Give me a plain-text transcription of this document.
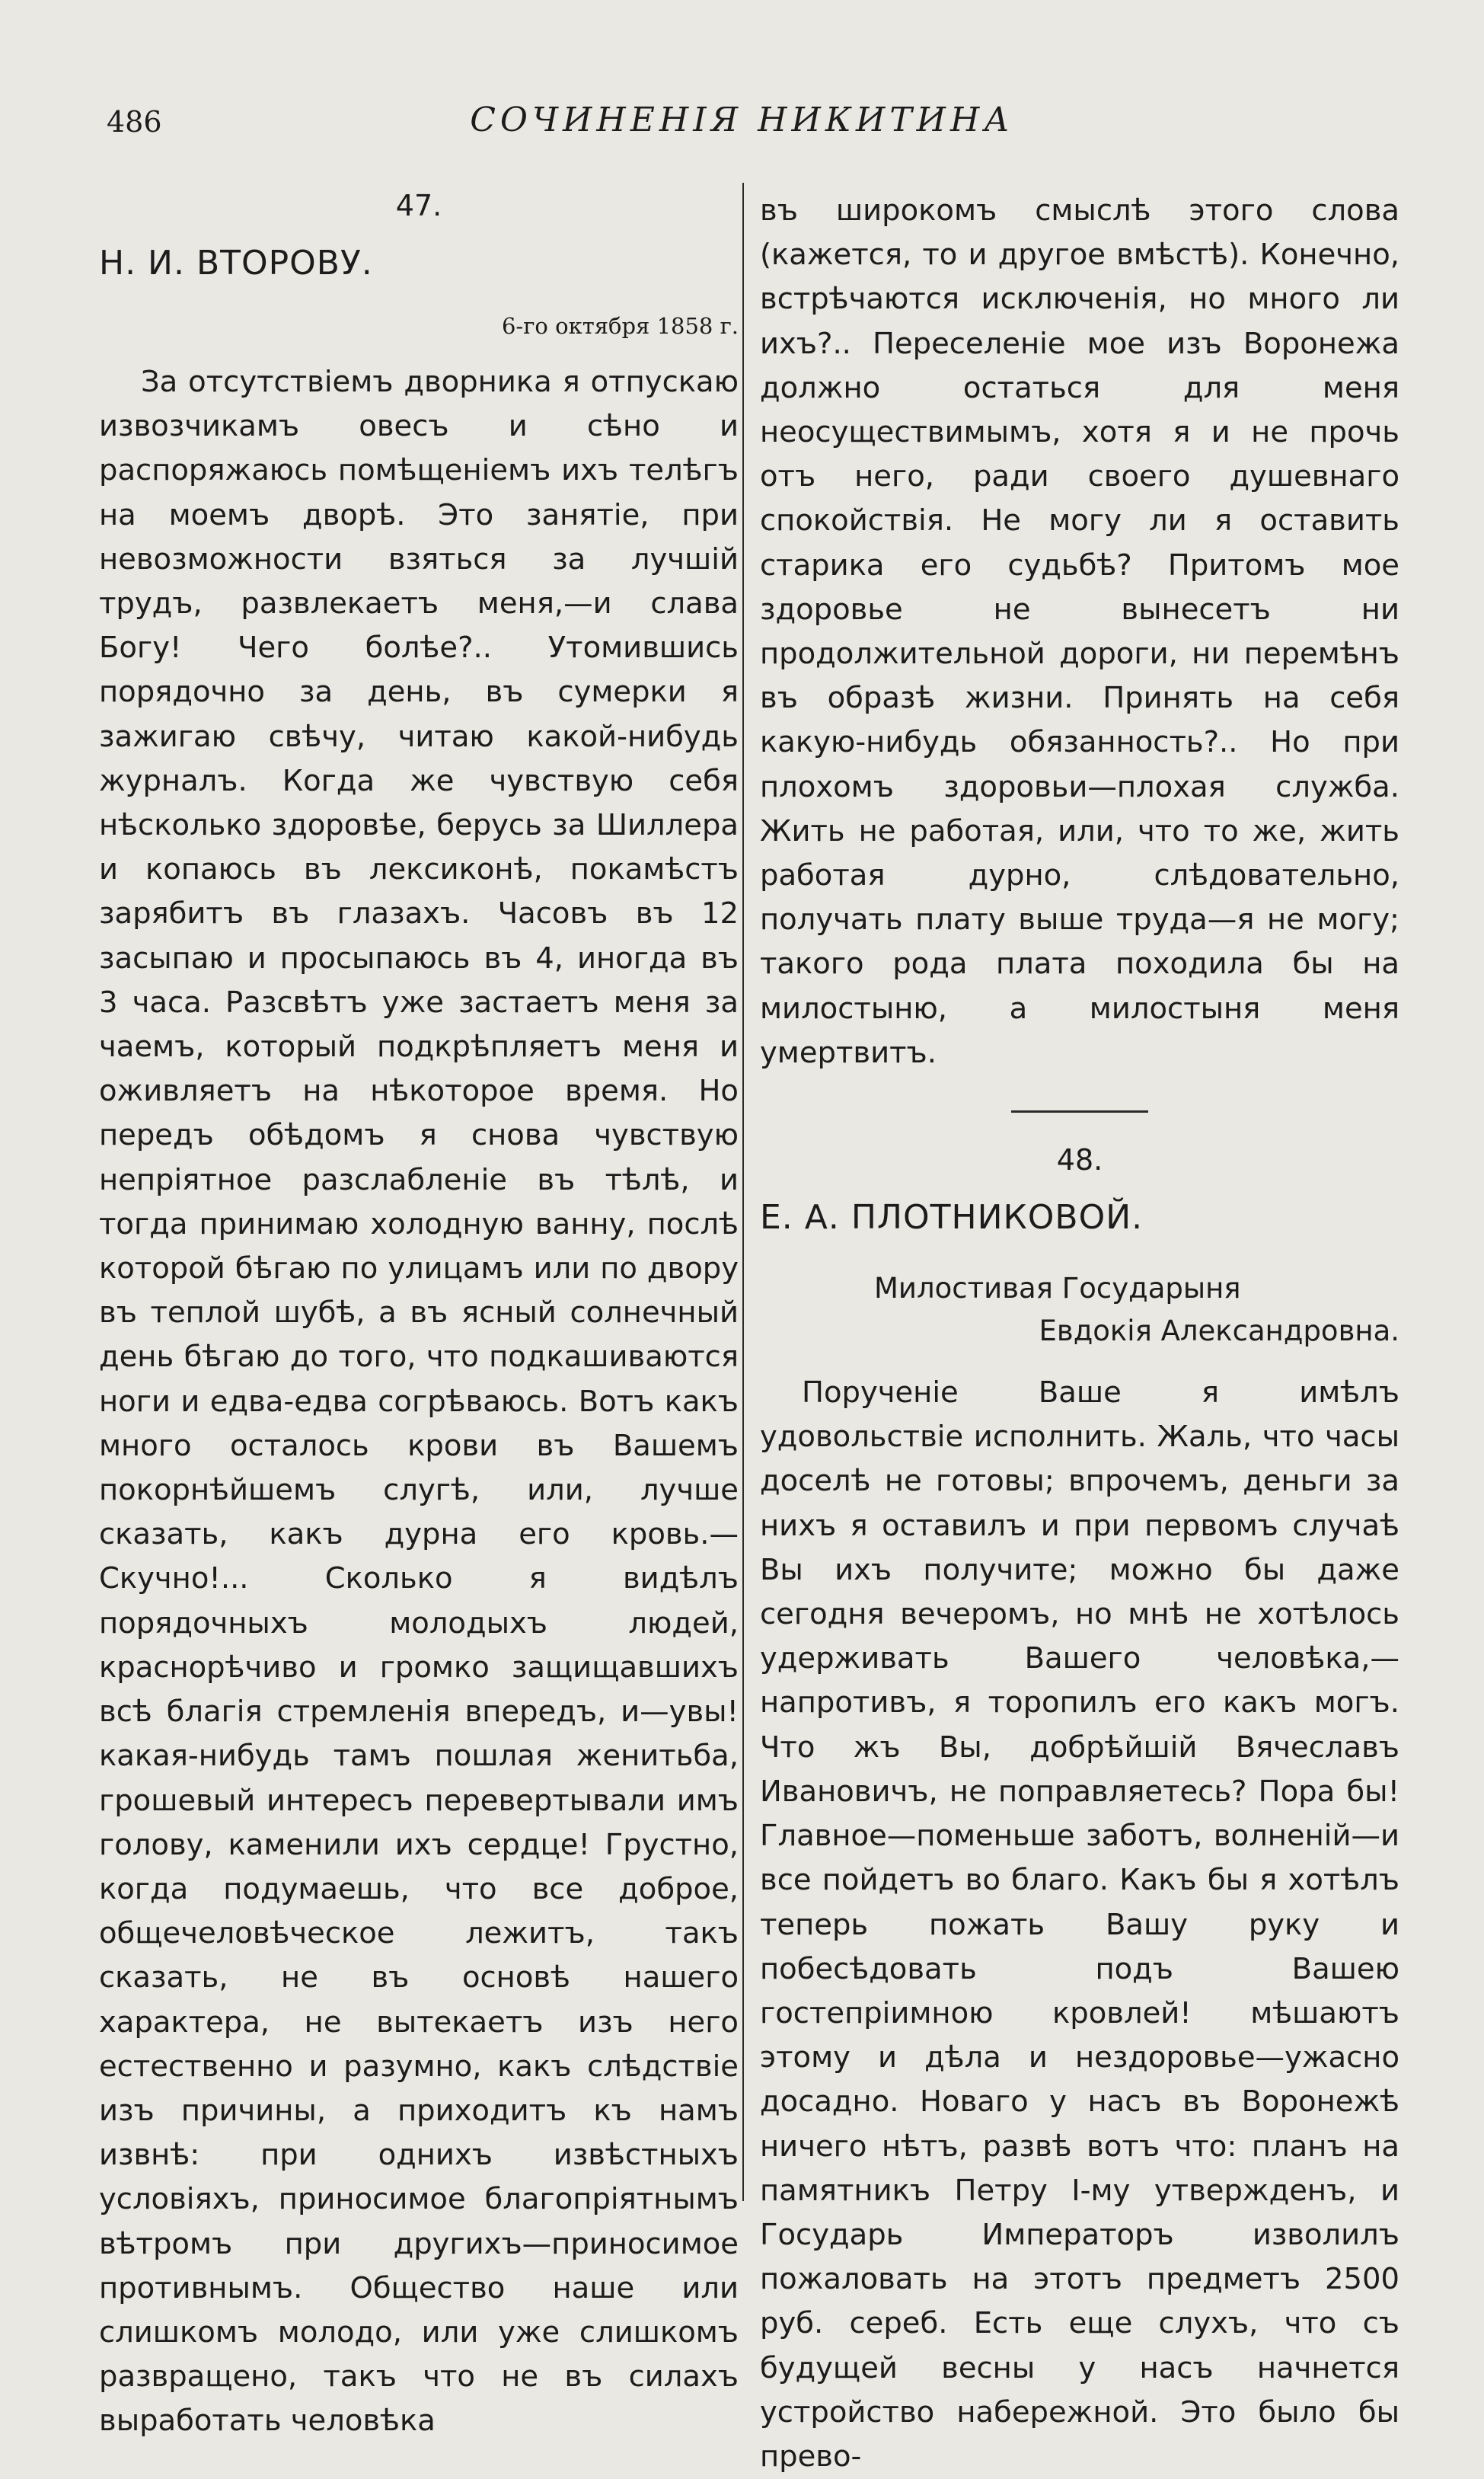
486	СОЧИНЕНІЯ НИКИТИНА
47.
Н. И. ВТОРОВУ.
6-го октября 1858 г.

За отсутствіемъ дворника я отпускаю извозчикамъ овесъ и сѣно и распоряжаюсь помѣщеніемъ ихъ телѣгъ на моемъ дворѣ. Это занятіе, при невозможности взяться за лучшій трудъ, развлекаетъ меня,—и слава Богу! Чего болѣе?.. Утомившись порядочно за день, въ сумерки я зажигаю свѣчу, читаю какой-нибудь журналъ. Когда же чувствую себя нѣсколько здоровѣе, берусь за Шиллера и копаюсь въ лексиконѣ, покамѣстъ зарябитъ въ глазахъ. Часовъ въ 12 засыпаю и просыпаюсь въ 4, иногда въ 3 часа. Разсвѣтъ уже застаетъ меня за чаемъ, который подкрѣпляетъ меня и оживляетъ на нѣкоторое время. Но передъ обѣдомъ я снова чувствую непріятное разслабленіе въ тѣлѣ, и тогда принимаю холодную ванну, послѣ которой бѣгаю по улицамъ или по двору въ теплой шубѣ, а въ ясный солнечный день бѣгаю до того, что подкашиваются ноги и едва-едва согрѣваюсь. Вотъ какъ много осталось крови въ Вашемъ покорнѣйшемъ слугѣ, или, лучше сказать, какъ дурна его кровь.—Скучно!... Сколько я видѣлъ порядочныхъ молодыхъ людей, краснорѣчиво и громко защищавшихъ всѣ благія стремленія впередъ, и—увы! какая-нибудь тамъ пошлая женитьба, грошевый интересъ перевертывали имъ голову, каменили ихъ сердце! Грустно, когда подумаешь, что все доброе, общечеловѣческое лежитъ, такъ сказать, не въ основѣ нашего характера, не вытекаетъ изъ него естественно и разумно, какъ слѣдствіе изъ причины, а приходитъ къ намъ извнѣ: при однихъ извѣстныхъ условіяхъ, приносимое благопріятнымъ вѣтромъ при другихъ—приносимое противнымъ. Общество наше или слишкомъ молодо, или уже слишкомъ развращено, такъ что не въ силахъ выработать человѣка

въ широкомъ смыслѣ этого слова (кажется, то и другое вмѣстѣ). Конечно, встрѣчаются исключенія, но много ли ихъ?.. Переселеніе мое изъ Воронежа должно остаться для меня неосуществимымъ, хотя я и не прочь отъ него, ради своего душевнаго спокойствія. Не могу ли я оставить старика его судьбѣ? Притомъ мое здоровье не вынесетъ ни продолжительной дороги, ни перемѣнъ въ образѣ жизни. Принять на себя какую-нибудь обязанность?.. Но при плохомъ здоровьи—плохая служба. Жить не работая, или, что то же, жить работая дурно, слѣдовательно, получать плату выше труда—я не могу; такого рода плата походила бы на милостыню, а милостыня меня умертвитъ.

48.
Е. А. ПЛОТНИКОВОЙ.
Милостивая Государыня
Евдокія Александровна.

Порученіе Ваше я имѣлъ удовольствіе исполнить. Жаль, что часы доселѣ не готовы; впрочемъ, деньги за нихъ я оставилъ и при первомъ случаѣ Вы ихъ получите; можно бы даже сегодня вечеромъ, но мнѣ не хотѣлось удерживать Вашего человѣка,—напротивъ, я торопилъ его какъ могъ. Что жъ Вы, добрѣйшій Вячеславъ Ивановичъ, не поправляетесь? Пора бы! Главное—поменьше заботъ, волненій—и все пойдетъ во благо. Какъ бы я хотѣлъ теперь пожать Вашу руку и побесѣдовать подъ Вашею гостепріимною кровлей! мѣшаютъ этому и дѣла и нездоровье—ужасно досадно. Новаго у насъ въ Воронежѣ ничего нѣтъ, развѣ вотъ что: планъ на памятникъ Петру I-му утвержденъ, и Государь Императоръ изволилъ пожаловать на этотъ предметъ 2500 руб. сереб. Есть еще слухъ, что съ будущей весны у насъ начнется устройство набережной. Это было бы прево-
